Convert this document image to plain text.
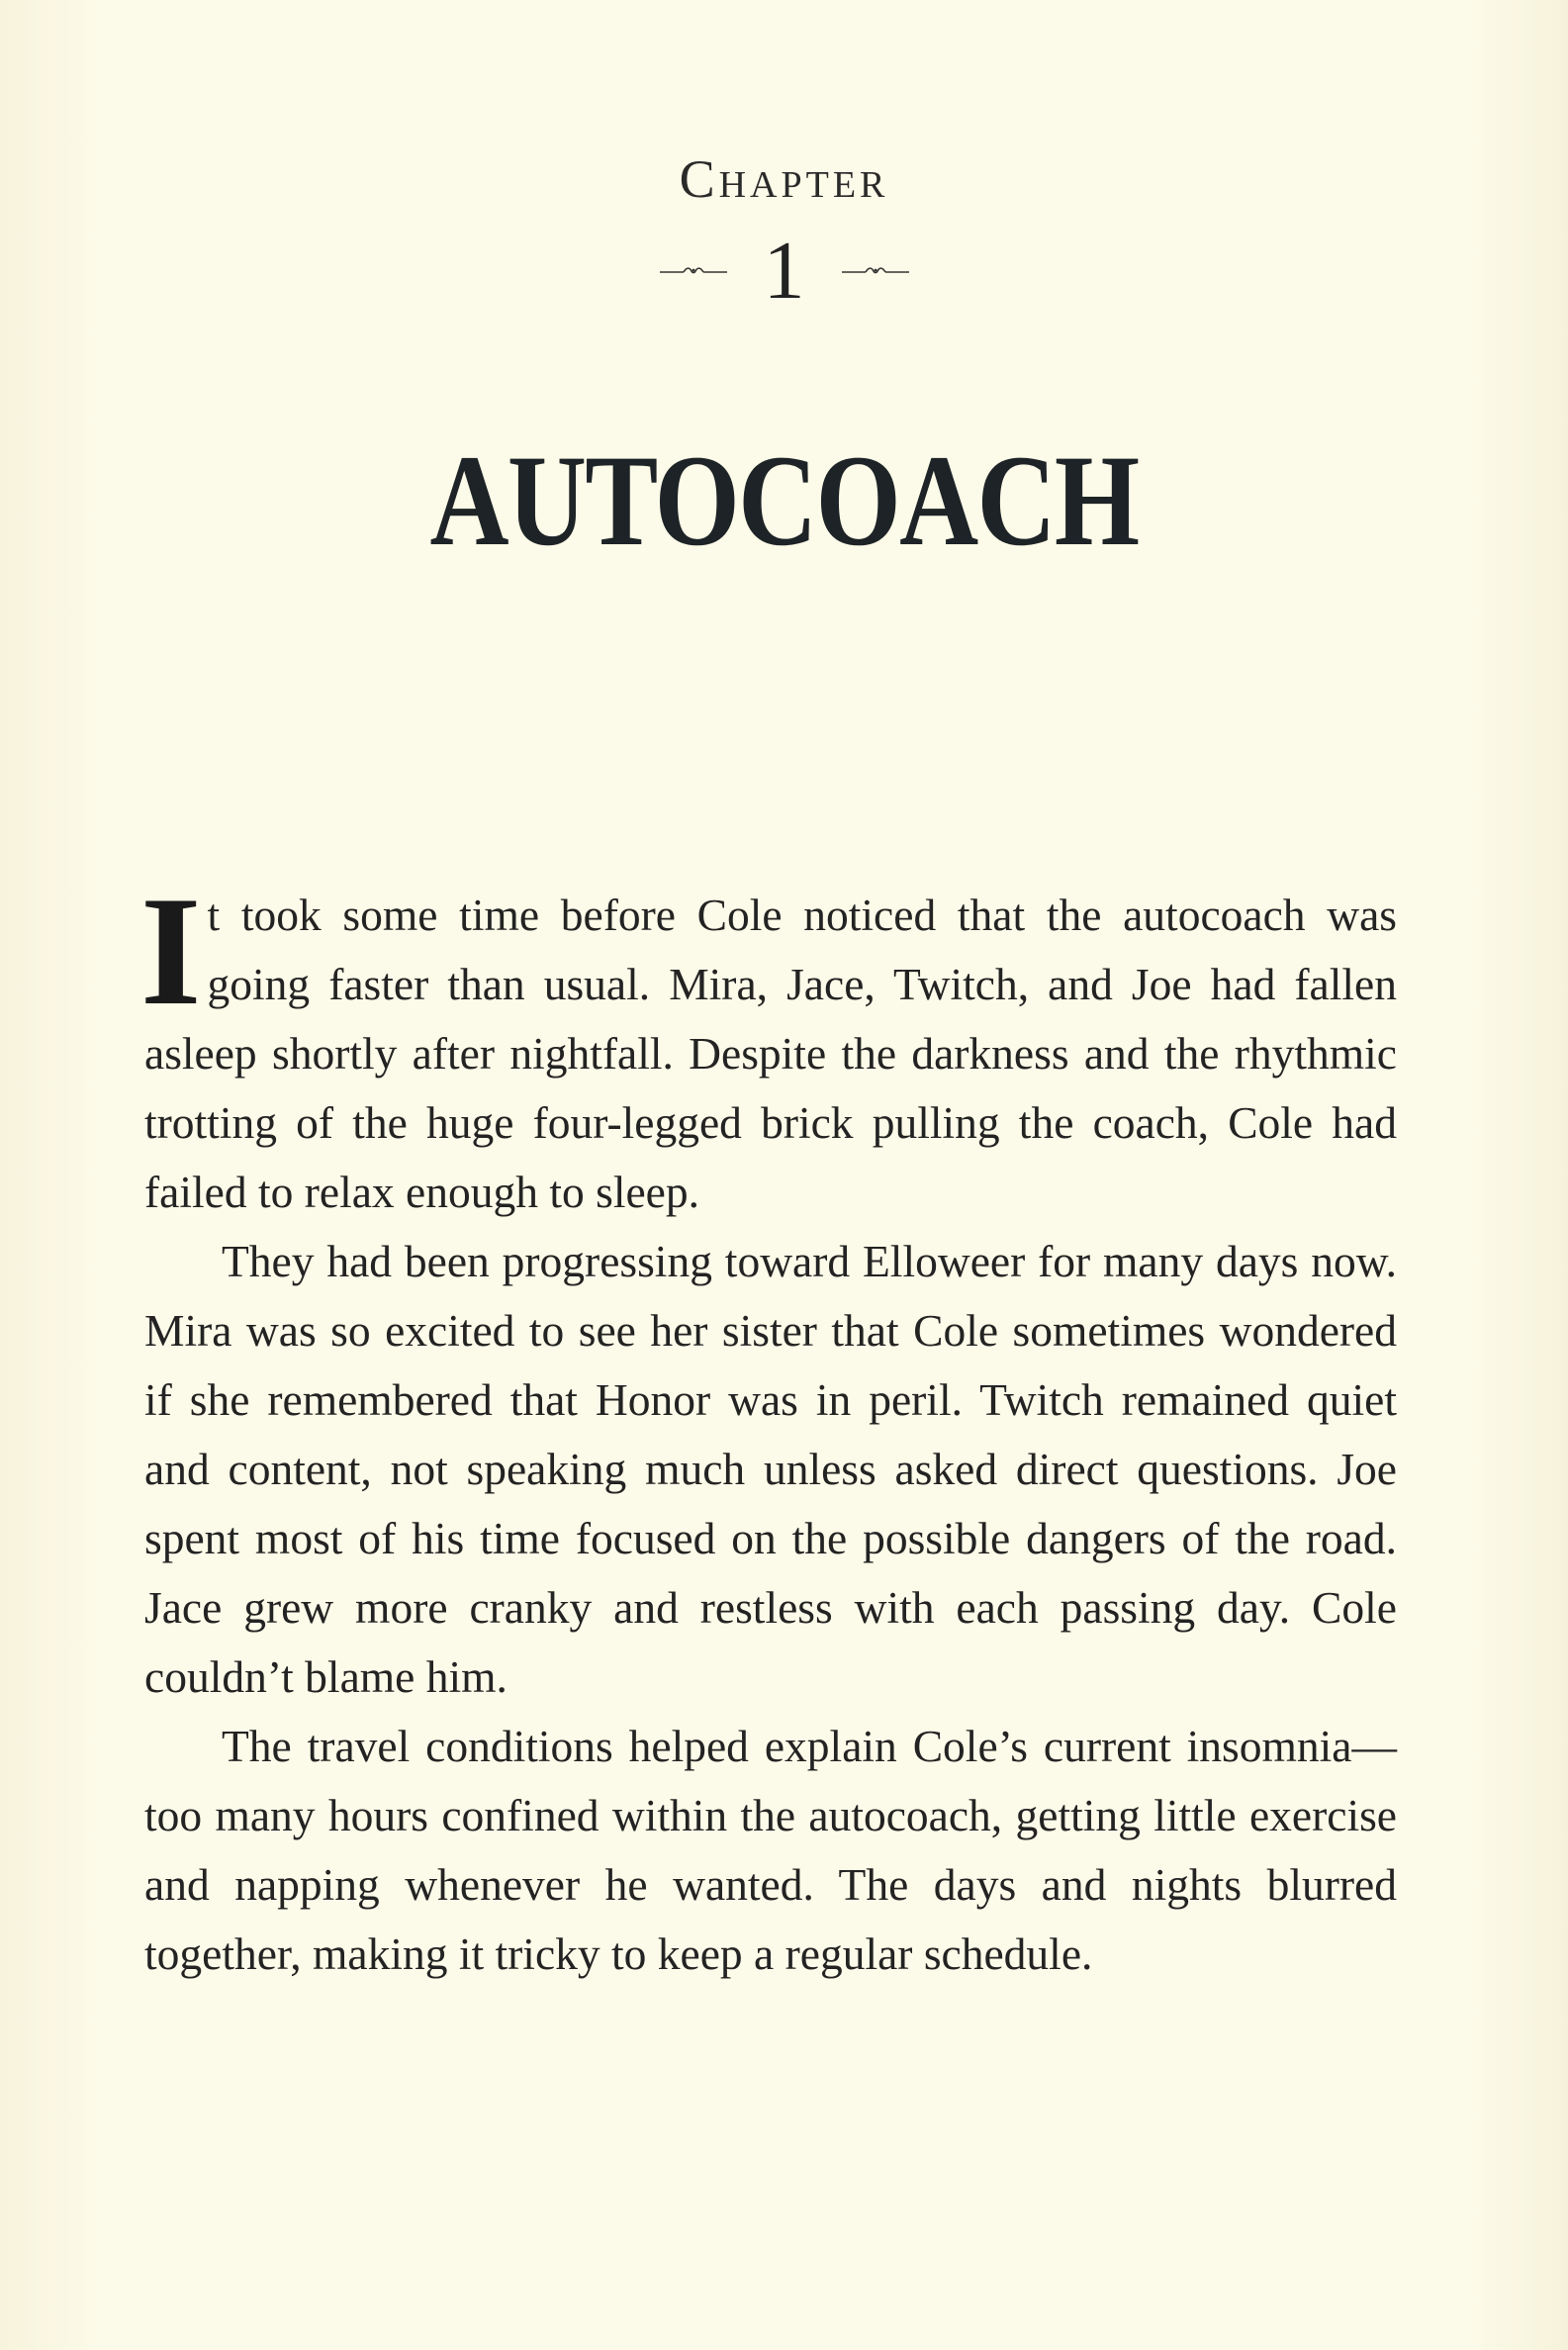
Chapter
1
AUTOCOACH

It took some time before Cole noticed that the autocoach was going faster than usual. Mira, Jace, Twitch, and Joe had fallen asleep shortly after nightfall. Despite the darkness and the rhythmic trotting of the huge four-legged brick pulling the coach, Cole had failed to relax enough to sleep.

They had been progressing toward Elloweer for many days now. Mira was so excited to see her sister that Cole sometimes wondered if she remembered that Honor was in peril. Twitch remained quiet and content, not speaking much unless asked direct questions. Joe spent most of his time focused on the possible dangers of the road. Jace grew more cranky and restless with each passing day. Cole couldn’t blame him.

The travel conditions helped explain Cole’s current insomnia—too many hours confined within the autocoach, getting little exercise and napping whenever he wanted. The days and nights blurred together, making it tricky to keep a regular schedule.
